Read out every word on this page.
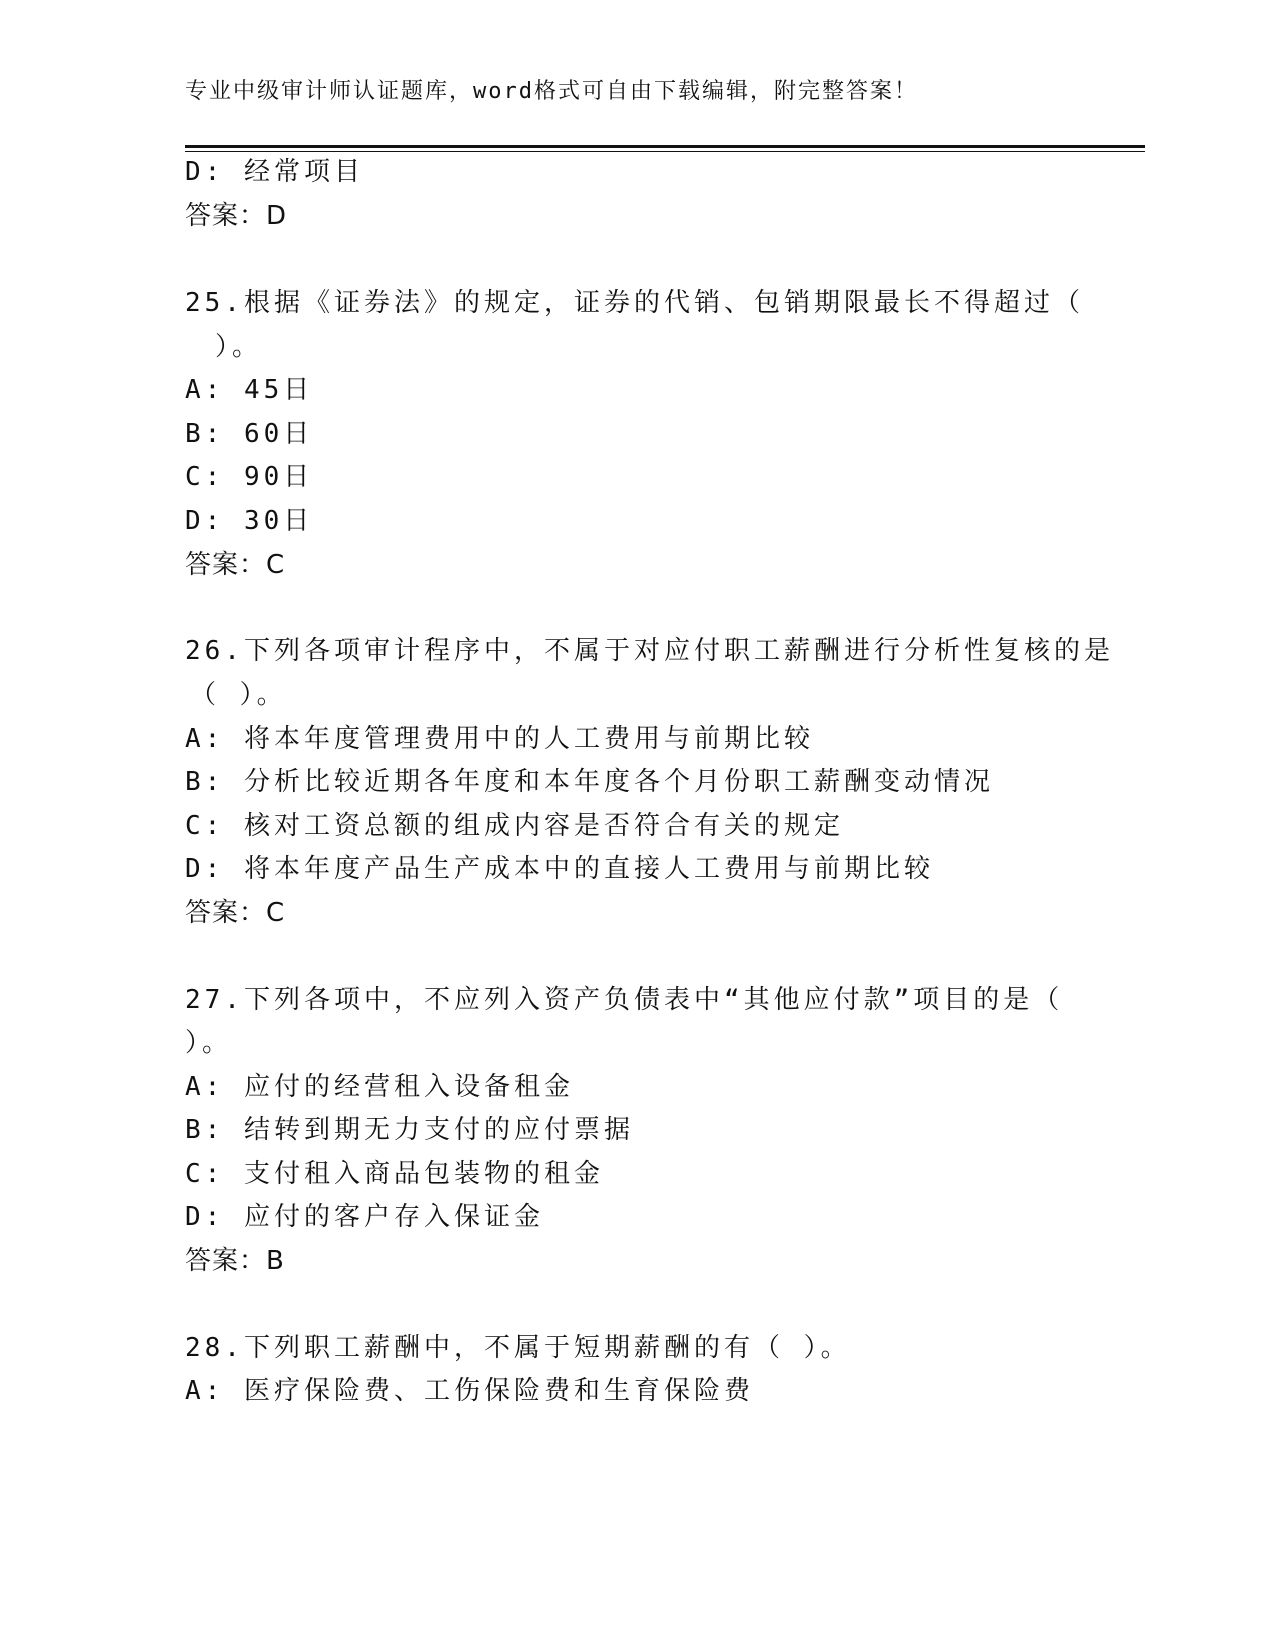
专业中级审计师认证题库，word格式可自由下载编辑，附完整答案！
D: 经常项目
答案：D
25.根据《证券法》的规定，证券的代销、包销期限最长不得超过（
）。
A: 45日
B: 60日
C: 90日
D: 30日
答案：C
26.下列各项审计程序中，不属于对应付职工薪酬进行分析性复核的是
（ ）。
A: 将本年度管理费用中的人工费用与前期比较
B: 分析比较近期各年度和本年度各个月份职工薪酬变动情况
C: 核对工资总额的组成内容是否符合有关的规定
D: 将本年度产品生产成本中的直接人工费用与前期比较
答案：C
27.下列各项中，不应列入资产负债表中“其他应付款”项目的是（
）。
A: 应付的经营租入设备租金
B: 结转到期无力支付的应付票据
C: 支付租入商品包装物的租金
D: 应付的客户存入保证金
答案：B
28.下列职工薪酬中，不属于短期薪酬的有（ ）。
A: 医疗保险费、工伤保险费和生育保险费
